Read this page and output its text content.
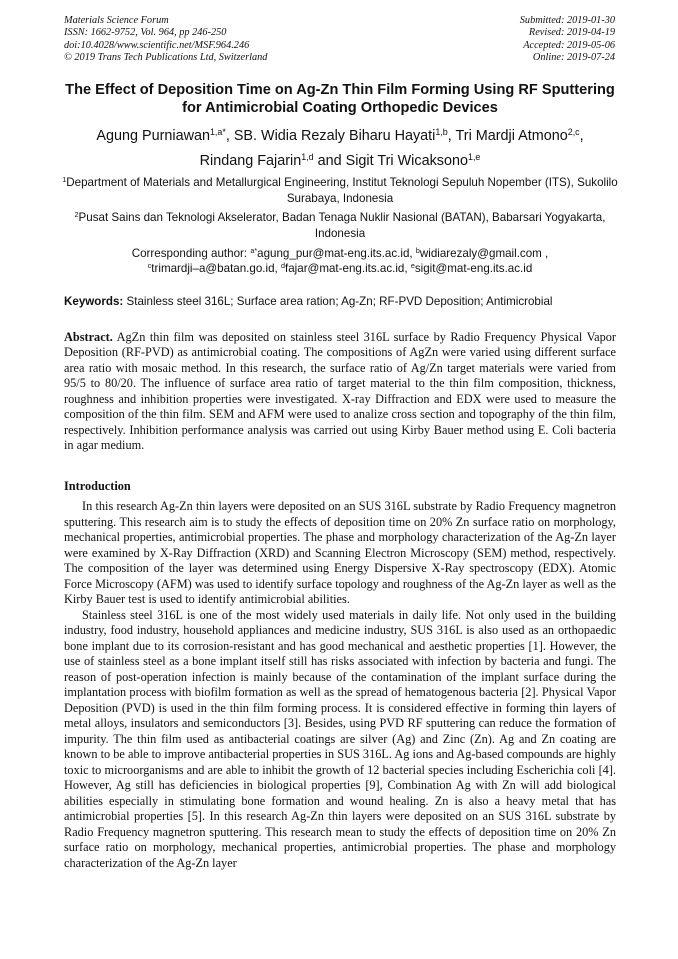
Materials Science Forum
ISSN: 1662-9752, Vol. 964, pp 246-250
doi:10.4028/www.scientific.net/MSF.964.246
© 2019 Trans Tech Publications Ltd, Switzerland
Submitted: 2019-01-30
Revised: 2019-04-19
Accepted: 2019-05-06
Online: 2019-07-24
The Effect of Deposition Time on Ag-Zn Thin Film Forming Using RF Sputtering for Antimicrobial Coating Orthopedic Devices
Agung Purniawan$^{1,a*}$, SB. Widia Rezaly Biharu Hayati$^{1,b}$, Tri Mardji Atmono$^{2,c}$,
Rindang Fajarin$^{1,d}$ and Sigit Tri Wicaksono$^{1,e}$
$^1$Department of Materials and Metallurgical Engineering, Institut Teknologi Sepuluh Nopember (ITS), Sukolilo Surabaya, Indonesia
$^2$Pusat Sains dan Teknologi Akselerator, Badan Tenaga Nuklir Nasional (BATAN), Babarsari Yogyakarta, Indonesia
Corresponding author: $^{a*}$agung_pur@mat-eng.its.ac.id, $^b$widiarezaly@gmail.com ,
$^c$trimardji–a@batan.go.id, $^d$fajar@mat-eng.its.ac.id, $^e$sigit@mat-eng.its.ac.id
Keywords: Stainless steel 316L; Surface area ration; Ag-Zn; RF-PVD Deposition; Antimicrobial

Abstract. AgZn thin film was deposited on stainless steel 316L surface by Radio Frequency Physical Vapor Deposition (RF-PVD) as antimicrobial coating. The compositions of AgZn were varied using different surface area ratio with mosaic method. In this research, the surface ratio of Ag/Zn target materials were varied from 95/5 to 80/20. The influence of surface area ratio of target material to the thin film composition, thickness, roughness and inhibition properties were investigated. X-ray Diffraction and EDX were used to measure the composition of the thin film. SEM and AFM were used to analize cross section and topography of the thin film, respectively. Inhibition performance analysis was carried out using Kirby Bauer method using E. Coli bacteria in agar medium.

Introduction

In this research Ag-Zn thin layers were deposited on an SUS 316L substrate by Radio Frequency magnetron sputtering. This research aim is to study the effects of deposition time on 20% Zn surface ratio on morphology, mechanical properties, antimicrobial properties. The phase and morphology characterization of the Ag-Zn layer were examined by X-Ray Diffraction (XRD) and Scanning Electron Microscopy (SEM) method, respectively. The composition of the layer was determined using Energy Dispersive X-Ray spectroscopy (EDX). Atomic Force Microscopy (AFM) was used to identify surface topology and roughness of the Ag-Zn layer as well as the Kirby Bauer test is used to identify antimicrobial abilities.

Stainless steel 316L is one of the most widely used materials in daily life. Not only used in the building industry, food industry, household appliances and medicine industry, SUS 316L is also used as an orthopaedic bone implant due to its corrosion-resistant and has good mechanical and aesthetic properties [1]. However, the use of stainless steel as a bone implant itself still has risks associated with infection by bacteria and fungi. The reason of post-operation infection is mainly because of the contamination of the implant surface during the implantation process with biofilm formation as well as the spread of hematogenous bacteria [2]. Physical Vapor Deposition (PVD) is used in the thin film forming process. It is considered effective in forming thin layers of metal alloys, insulators and semiconductors [3]. Besides, using PVD RF sputtering can reduce the formation of impurity. The thin film used as antibacterial coatings are silver (Ag) and Zinc (Zn). Ag and Zn coating are known to be able to improve antibacterial properties in SUS 316L. Ag ions and Ag-based compounds are highly toxic to microorganisms and are able to inhibit the growth of 12 bacterial species including Escherichia coli [4]. However, Ag still has deficiencies in biological properties [9], Combination Ag with Zn will add biological abilities especially in stimulating bone formation and wound healing. Zn is also a heavy metal that has antimicrobial properties [5]. In this research Ag-Zn thin layers were deposited on an SUS 316L substrate by Radio Frequency magnetron sputtering. This research mean to study the effects of deposition time on 20% Zn surface ratio on morphology, mechanical properties, antimicrobial properties. The phase and morphology characterization of the Ag-Zn layer
